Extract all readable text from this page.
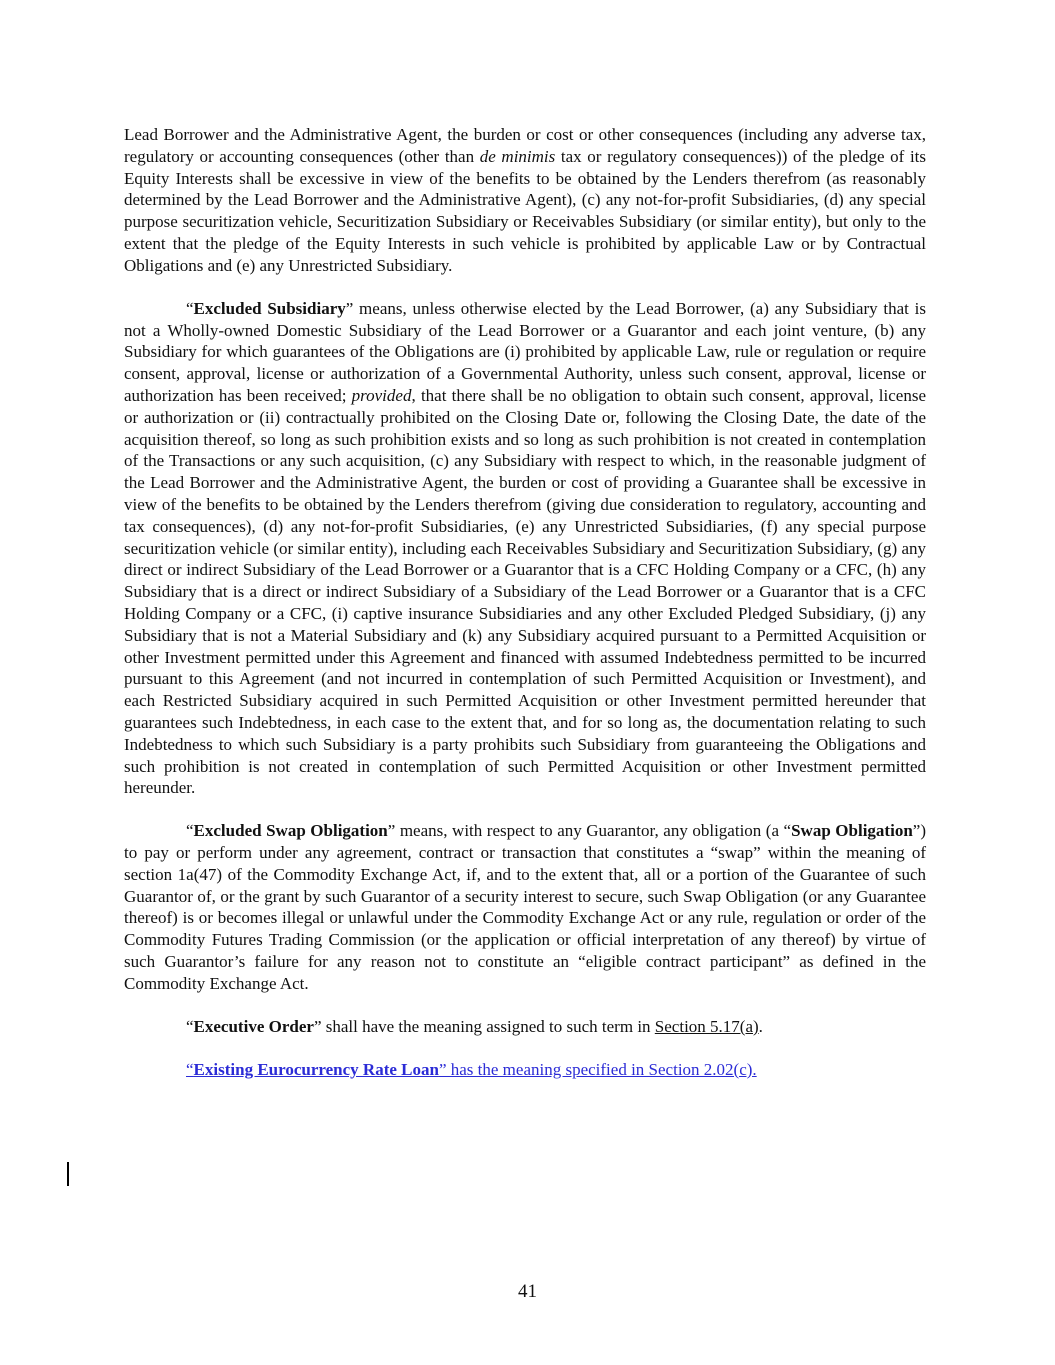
Lead Borrower and the Administrative Agent, the burden or cost or other consequences (including any adverse tax, regulatory or accounting consequences (other than de minimis tax or regulatory consequences)) of the pledge of its Equity Interests shall be excessive in view of the benefits to be obtained by the Lenders therefrom (as reasonably determined by the Lead Borrower and the Administrative Agent), (c) any not-for-profit Subsidiaries, (d) any special purpose securitization vehicle, Securitization Subsidiary or Receivables Subsidiary (or similar entity), but only to the extent that the pledge of the Equity Interests in such vehicle is prohibited by applicable Law or by Contractual Obligations and (e) any Unrestricted Subsidiary.

“Excluded Subsidiary” means, unless otherwise elected by the Lead Borrower, (a) any Subsidiary that is not a Wholly-owned Domestic Subsidiary of the Lead Borrower or a Guarantor and each joint venture, (b) any Subsidiary for which guarantees of the Obligations are (i) prohibited by applicable Law, rule or regulation or require consent, approval, license or authorization of a Governmental Authority, unless such consent, approval, license or authorization has been received; provided, that there shall be no obligation to obtain such consent, approval, license or authorization or (ii) contractually prohibited on the Closing Date or, following the Closing Date, the date of the acquisition thereof, so long as such prohibition exists and so long as such prohibition is not created in contemplation of the Transactions or any such acquisition, (c) any Subsidiary with respect to which, in the reasonable judgment of the Lead Borrower and the Administrative Agent, the burden or cost of providing a Guarantee shall be excessive in view of the benefits to be obtained by the Lenders therefrom (giving due consideration to regulatory, accounting and tax consequences), (d) any not-for-profit Subsidiaries, (e) any Unrestricted Subsidiaries, (f) any special purpose securitization vehicle (or similar entity), including each Receivables Subsidiary and Securitization Subsidiary, (g) any direct or indirect Subsidiary of the Lead Borrower or a Guarantor that is a CFC Holding Company or a CFC, (h) any Subsidiary that is a direct or indirect Subsidiary of a Subsidiary of the Lead Borrower or a Guarantor that is a CFC Holding Company or a CFC, (i) captive insurance Subsidiaries and any other Excluded Pledged Subsidiary, (j) any Subsidiary that is not a Material Subsidiary and (k) any Subsidiary acquired pursuant to a Permitted Acquisition or other Investment permitted under this Agreement and financed with assumed Indebtedness permitted to be incurred pursuant to this Agreement (and not incurred in contemplation of such Permitted Acquisition or Investment), and each Restricted Subsidiary acquired in such Permitted Acquisition or other Investment permitted hereunder that guarantees such Indebtedness, in each case to the extent that, and for so long as, the documentation relating to such Indebtedness to which such Subsidiary is a party prohibits such Subsidiary from guaranteeing the Obligations and such prohibition is not created in contemplation of such Permitted Acquisition or other Investment permitted hereunder.

“Excluded Swap Obligation” means, with respect to any Guarantor, any obligation (a “Swap Obligation”) to pay or perform under any agreement, contract or transaction that constitutes a “swap” within the meaning of section 1a(47) of the Commodity Exchange Act, if, and to the extent that, all or a portion of the Guarantee of such Guarantor of, or the grant by such Guarantor of a security interest to secure, such Swap Obligation (or any Guarantee thereof) is or becomes illegal or unlawful under the Commodity Exchange Act or any rule, regulation or order of the Commodity Futures Trading Commission (or the application or official interpretation of any thereof) by virtue of such Guarantor’s failure for any reason not to constitute an “eligible contract participant” as defined in the Commodity Exchange Act.

“Executive Order” shall have the meaning assigned to such term in Section 5.17(a).

“Existing Eurocurrency Rate Loan” has the meaning specified in Section 2.02(c).

41
